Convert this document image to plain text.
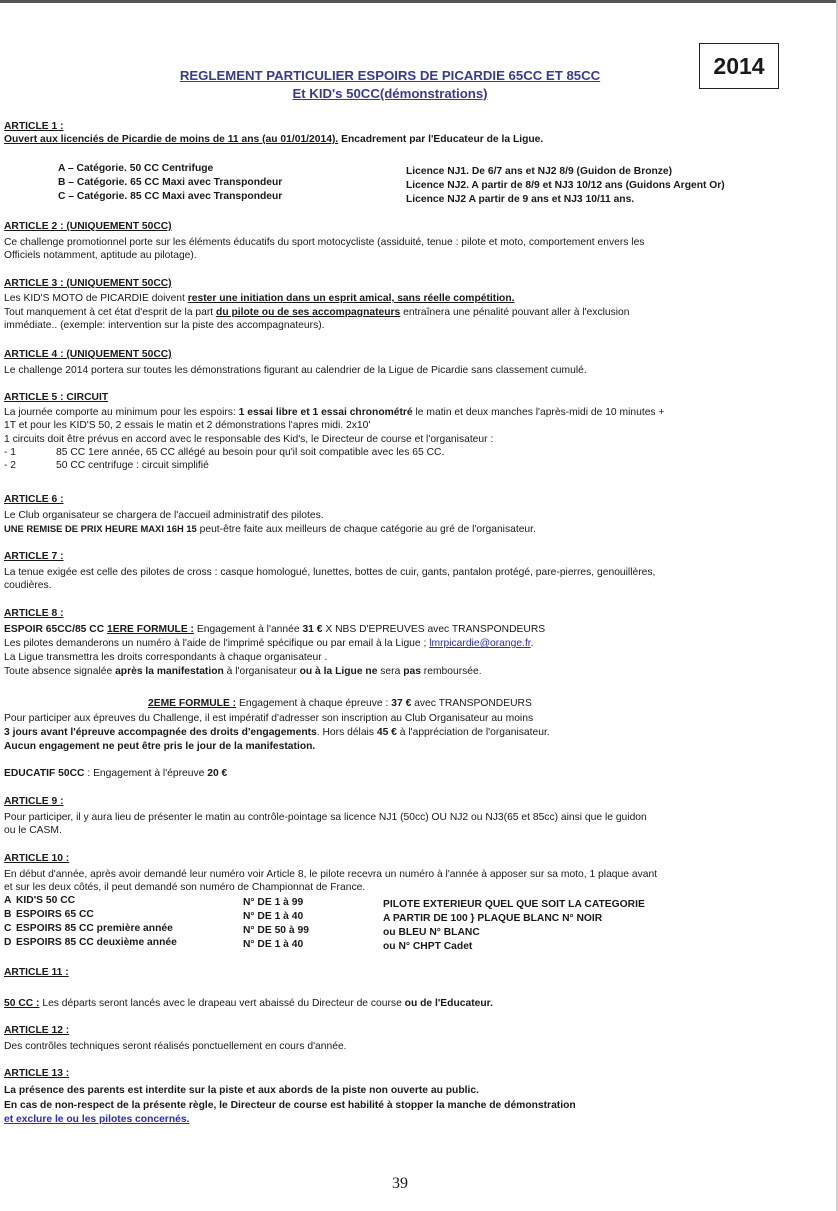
2014
REGLEMENT PARTICULIER ESPOIRS DE PICARDIE 65CC ET 85CC
Et KID's 50CC(démonstrations)
ARTICLE 1 :
Ouvert aux licenciés de Picardie de moins de 11 ans (au 01/01/2014). Encadrement par l'Educateur de la Ligue.
A – Catégorie. 50 CC Centrifuge	Licence NJ1. De 6/7 ans et NJ2 8/9 (Guidon de Bronze)
B – Catégorie. 65 CC Maxi avec Transpondeur	Licence NJ2. A partir de 8/9 et NJ3 10/12 ans (Guidons Argent Or)
C – Catégorie. 85 CC Maxi avec Transpondeur	Licence NJ2 A partir de 9 ans et NJ3 10/11 ans.
ARTICLE 2 : (UNIQUEMENT 50CC)
Ce challenge promotionnel porte sur les éléments éducatifs du sport motocycliste (assiduité, tenue : pilote et moto, comportement envers les
Officiels notamment, aptitude au pilotage).
ARTICLE 3 : (UNIQUEMENT 50CC)
Les KID'S MOTO de PICARDIE doivent rester une initiation dans un esprit amical, sans réelle compétition.
Tout manquement à cet état d'esprit de la part du pilote ou de ses accompagnateurs entraînera une pénalité pouvant aller à l'exclusion
immédiate.. (exemple: intervention sur la piste des accompagnateurs).
ARTICLE 4 : (UNIQUEMENT 50CC)
Le challenge 2014 portera sur toutes les démonstrations figurant au calendrier de la Ligue de Picardie sans classement cumulé.
ARTICLE 5 : CIRCUIT
La journée comporte au minimum pour les espoirs: 1 essai libre et 1 essai chronométré le matin et deux manches l'après-midi de 10 minutes +
1T et pour les KID'S 50, 2 essais le matin et 2 démonstrations l'apres midi. 2x10'
1 circuits doit être prévus en accord avec le responsable des Kid's, le Directeur de course et l'organisateur :
- 1	85 CC 1ere année, 65 CC allégé au besoin pour qu'il soit compatible avec les 65 CC.
- 2	50 CC centrifuge : circuit simplifié
ARTICLE 6 :
Le Club organisateur se chargera de l'accueil administratif des pilotes.
UNE REMISE DE PRIX HEURE MAXI 16H 15 peut-être faite aux meilleurs de chaque catégorie au gré de l'organisateur.
ARTICLE 7 :
La tenue exigée est celle des pilotes de cross : casque homologué, lunettes, bottes de cuir, gants, pantalon protégé, pare-pierres, genouillères,
coudières.
ARTICLE 8 :
ESPOIR 65CC/85 CC 1ERE FORMULE : Engagement à l'année 31 € X NBS D'EPREUVES avec TRANSPONDEURS
Les pilotes demanderons un numéro à l'aide de l'imprimé spécifique ou par email à la Ligue ; lmrpicardie@orange.fr.
La Ligue transmettra les droits correspondants à chaque organisateur .
Toute absence signalée après la manifestation à l'organisateur ou à la Ligue ne sera pas remboursée.
2EME FORMULE : Engagement à chaque épreuve : 37 € avec TRANSPONDEURS
Pour participer aux épreuves du Challenge, il est impératif d'adresser son inscription au Club Organisateur au moins
3 jours avant l'épreuve accompagnée des droits d'engagements. Hors délais 45 € à l'appréciation de l'organisateur.
Aucun engagement ne peut être pris le jour de la manifestation.
EDUCATIF 50CC : Engagement à l'épreuve 20 €
ARTICLE 9 :
Pour participer, il y aura lieu de présenter le matin au contrôle-pointage sa licence NJ1 (50cc) OU NJ2 ou NJ3(65 et 85cc) ainsi que le guidon
ou le CASM.
ARTICLE 10 :
En début d'année, après avoir demandé leur numéro voir Article 8, le pilote recevra un numéro à l'année à apposer sur sa moto, 1 plaque avant
et sur les deux côtés, il peut demandé son numéro de Championnat de France.
A KID'S 50 CC	N° DE 1 à 99	PILOTE EXTERIEUR QUEL QUE SOIT LA CATEGORIE
B ESPOIRS 65 CC	N° DE 1 à 40	A PARTIR DE 100 } PLAQUE BLANC N° NOIR
C ESPOIRS 85 CC première année	N° DE 50 à 99	ou BLEU N° BLANC
D ESPOIRS 85 CC deuxième année	N° DE 1 à 40	ou N° CHPT Cadet
ARTICLE 11 :
50 CC : Les départs seront lancés avec le drapeau vert abaissé du Directeur de course ou de l'Educateur.
ARTICLE 12 :
Des contrôles techniques seront réalisés ponctuellement en cours d'année.
ARTICLE 13 :
La présence des parents est interdite sur la piste et aux abords de la piste non ouverte au public.
En cas de non-respect de la présente règle, le Directeur de course est habilité à stopper la manche de démonstration
et exclure le ou les pilotes concernés.
39
